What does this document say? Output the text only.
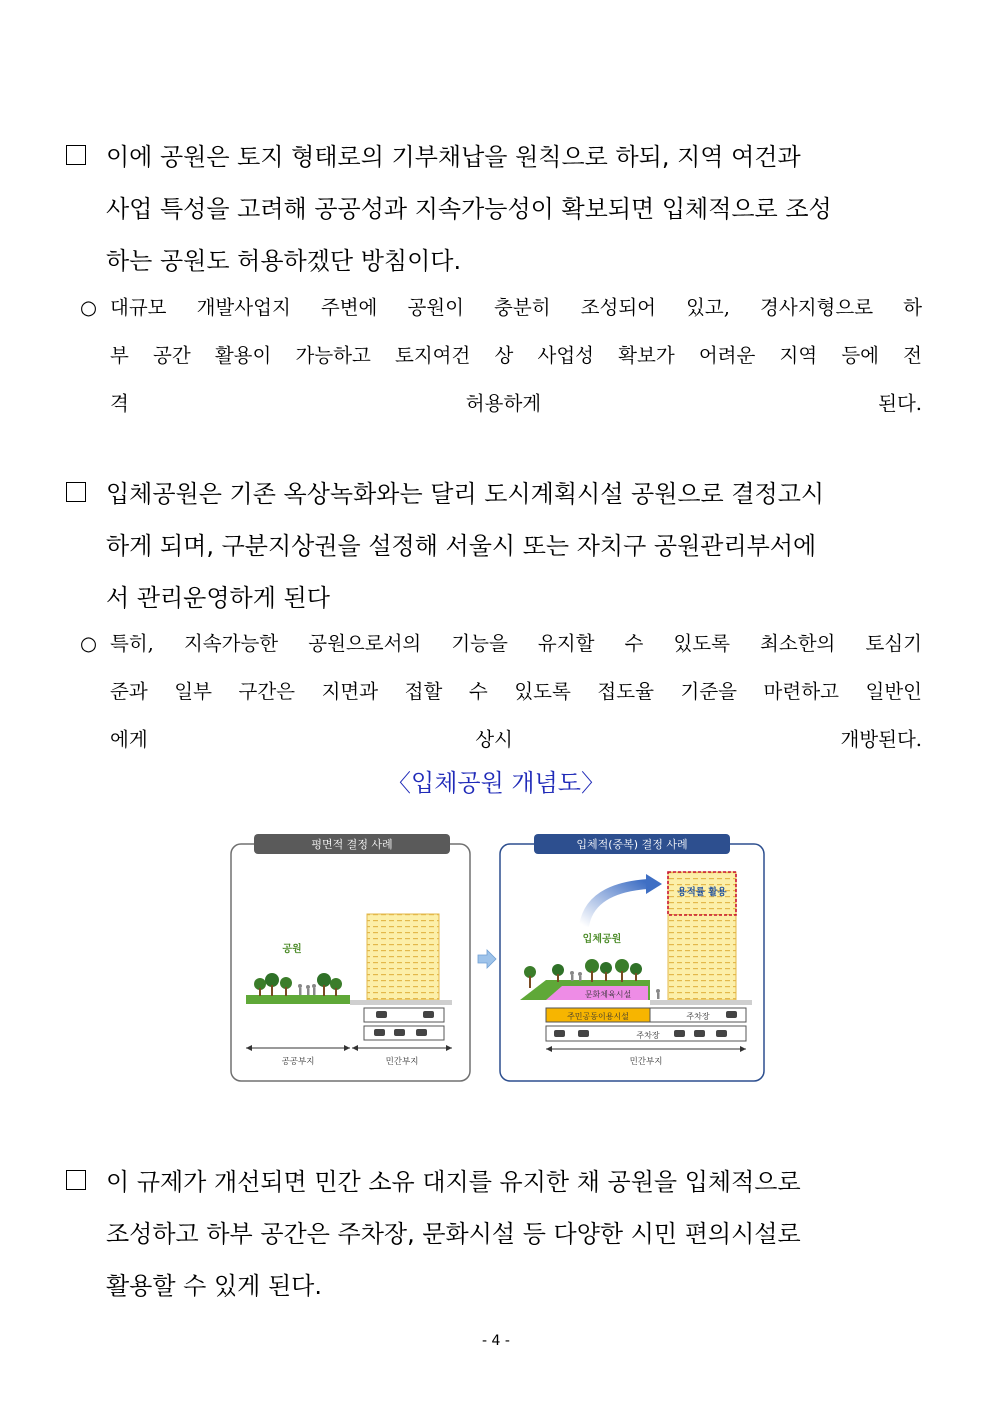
이에 공원은 토지 형태로의 기부채납을 원칙으로 하되, 지역 여건과
사업 특성을 고려해 공공성과 지속가능성이 확보되면 입체적으로 조성
하는 공원도 허용하겠단 방침이다.
○ 대규모 개발사업지 주변에 공원이 충분히 조성되어 있고, 경사지형으로 하
부 공간 활용이 가능하고 토지여건 상 사업성 확보가 어려운 지역 등에 전
격 허용하게 된다.
입체공원은 기존 옥상녹화와는 달리 도시계획시설 공원으로 결정고시
하게 되며, 구분지상권을 설정해 서울시 또는 자치구 공원관리부서에
서 관리운영하게 된다
○ 특히, 지속가능한 공원으로서의 기능을 유지할 수 있도록 최소한의 토심기
준과 일부 구간은 지면과 접할 수 있도록 접도율 기준을 마련하고 일반인
에게 상시 개방된다.
〈입체공원 개념도〉
평면적 결정 사례
공원
공공부지	민간부지
입체적(중복) 결정 사례
용적률 활용
문화체육시설
입체공원
주민공동이용시설	주차장
주차장
민간부지
이 규제가 개선되면 민간 소유 대지를 유지한 채 공원을 입체적으로
조성하고 하부 공간은 주차장, 문화시설 등 다양한 시민 편의시설로
활용할 수 있게 된다.
- 4 -
